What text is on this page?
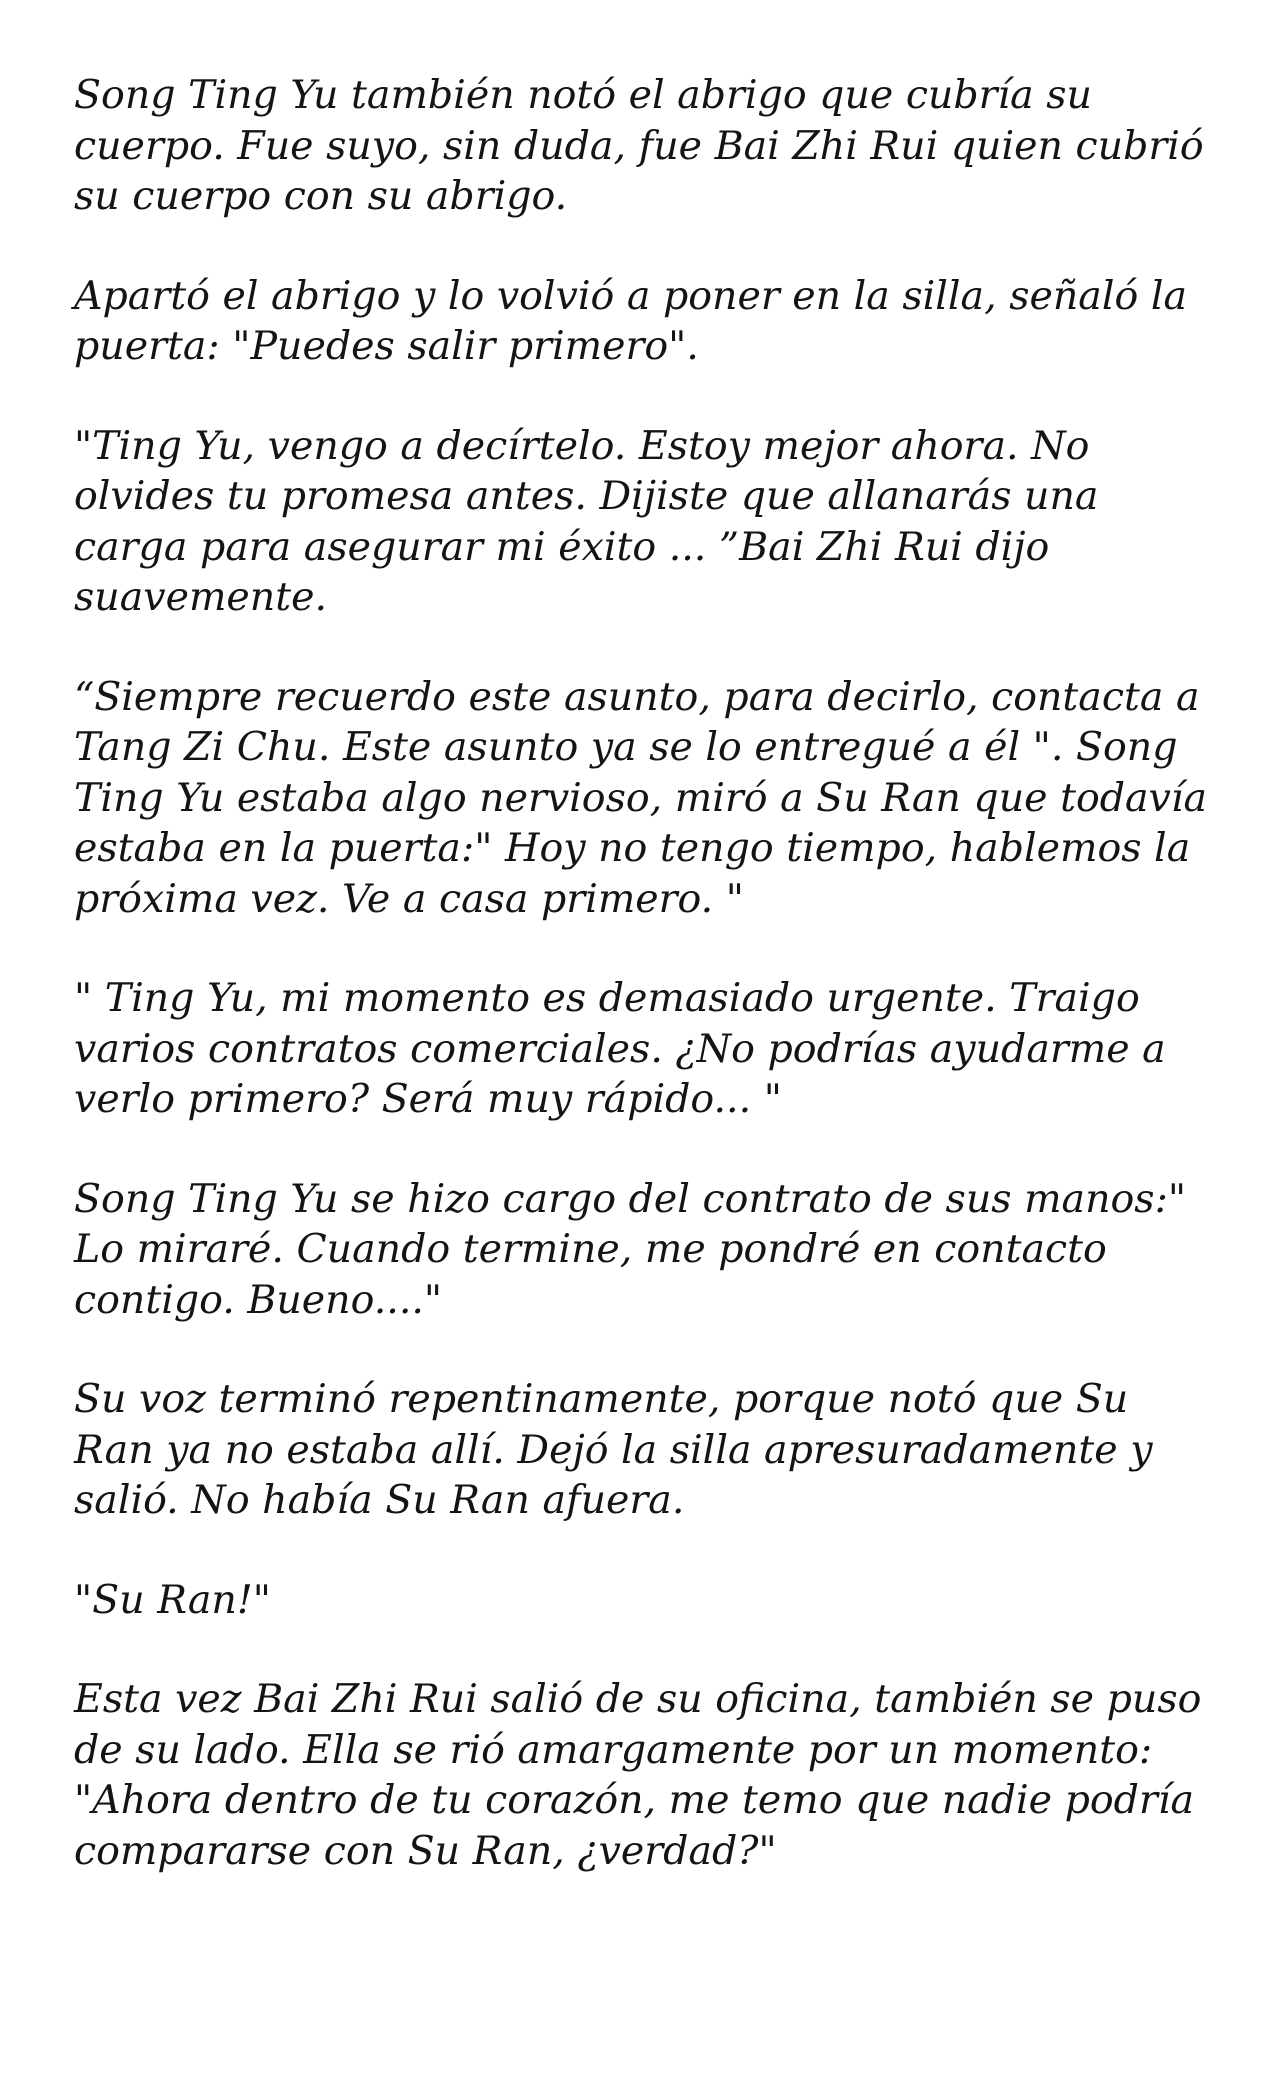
Song Ting Yu también notó el abrigo que cubría su cuerpo. Fue suyo, sin duda, fue Bai Zhi Rui quien cubrió su cuerpo con su abrigo.

Apartó el abrigo y lo volvió a poner en la silla, señaló la puerta: "Puedes salir primero".

"Ting Yu, vengo a decírtelo. Estoy mejor ahora. No olvides tu promesa antes. Dijiste que allanarás una carga para asegurar mi éxito ... ”Bai Zhi Rui dijo suavemente.

“Siempre recuerdo este asunto, para decirlo, contacta a Tang Zi Chu. Este asunto ya se lo entregué a él ". Song Ting Yu estaba algo nervioso, miró a Su Ran que todavía estaba en la puerta:" Hoy no tengo tiempo, hablemos la próxima vez. Ve a casa primero. "

" Ting Yu, mi momento es demasiado urgente. Traigo varios contratos comerciales. ¿No podrías ayudarme a verlo primero? Será muy rápido... "

Song Ting Yu se hizo cargo del contrato de sus manos:" Lo miraré. Cuando termine, me pondré en contacto contigo. Bueno...."

Su voz terminó repentinamente, porque notó que Su Ran ya no estaba allí. Dejó la silla apresuradamente y salió. No había Su Ran afuera.

"Su Ran!"

Esta vez Bai Zhi Rui salió de su oficina, también se puso de su lado. Ella se rió amargamente por un momento: "Ahora dentro de tu corazón, me temo que nadie podría compararse con Su Ran, ¿verdad?"
